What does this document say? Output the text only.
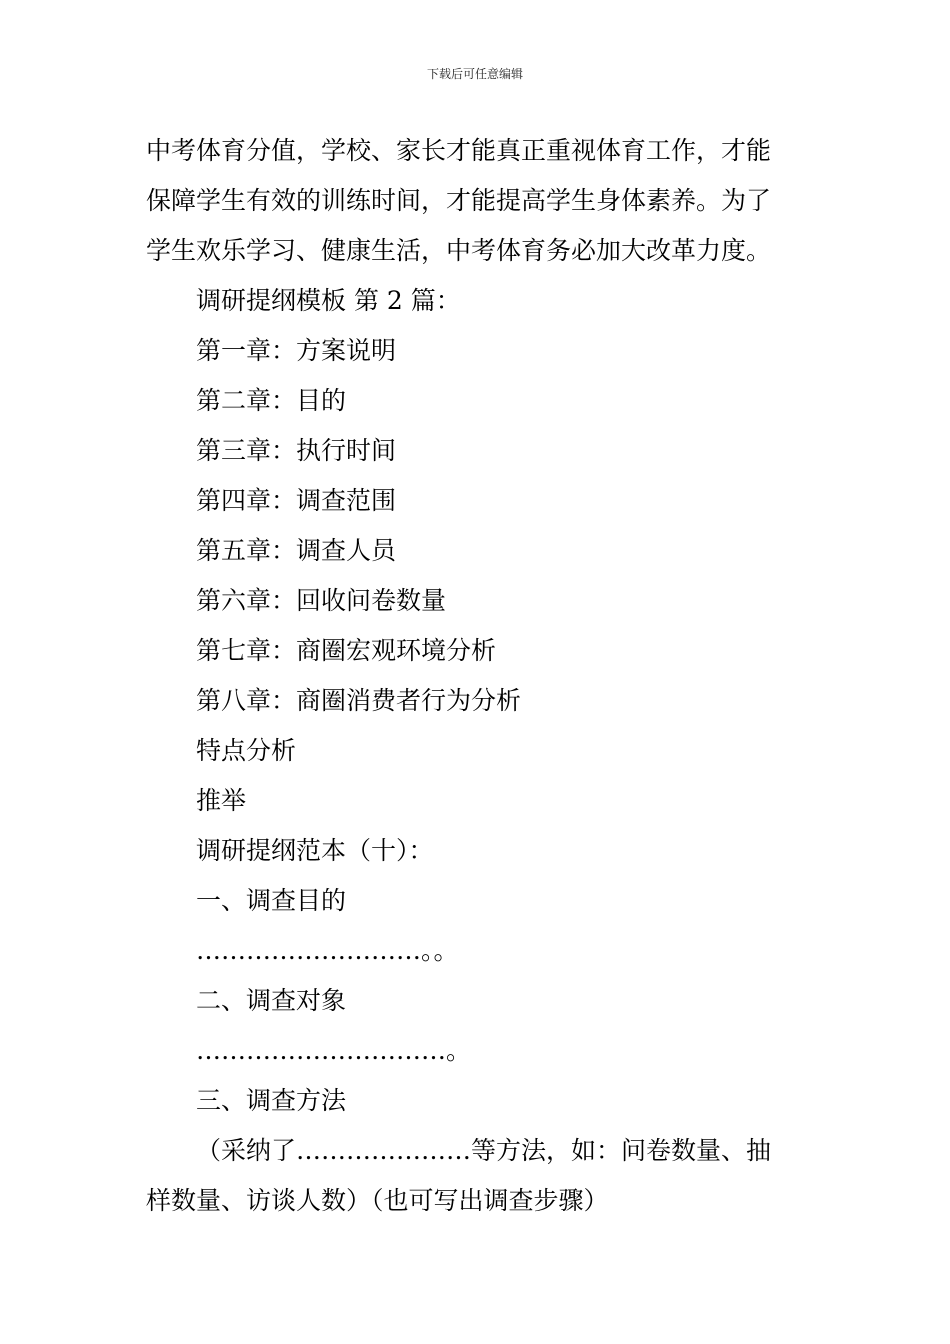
下载后可任意编辑

中考体育分值，学校、家长才能真正重视体育工作，才能

保障学生有效的训练时间，才能提高学生身体素养。为了

学生欢乐学习、健康生活，中考体育务必加大改革力度。

调研提纲模板 第 2 篇：

第一章：方案说明

第二章：目的

第三章：执行时间

第四章：调查范围

第五章：调查人员

第六章：回收问卷数量

第七章：商圈宏观环境分析

第八章：商圈消费者行为分析

特点分析

推举

调研提纲范本（十）：

一、调查目的

………………………。。

二、调查对象

…………………………。

三、调查方法

（采纳了…………………等方法，如：问卷数量、抽

样数量、访谈人数）（也可写出调查步骤）
